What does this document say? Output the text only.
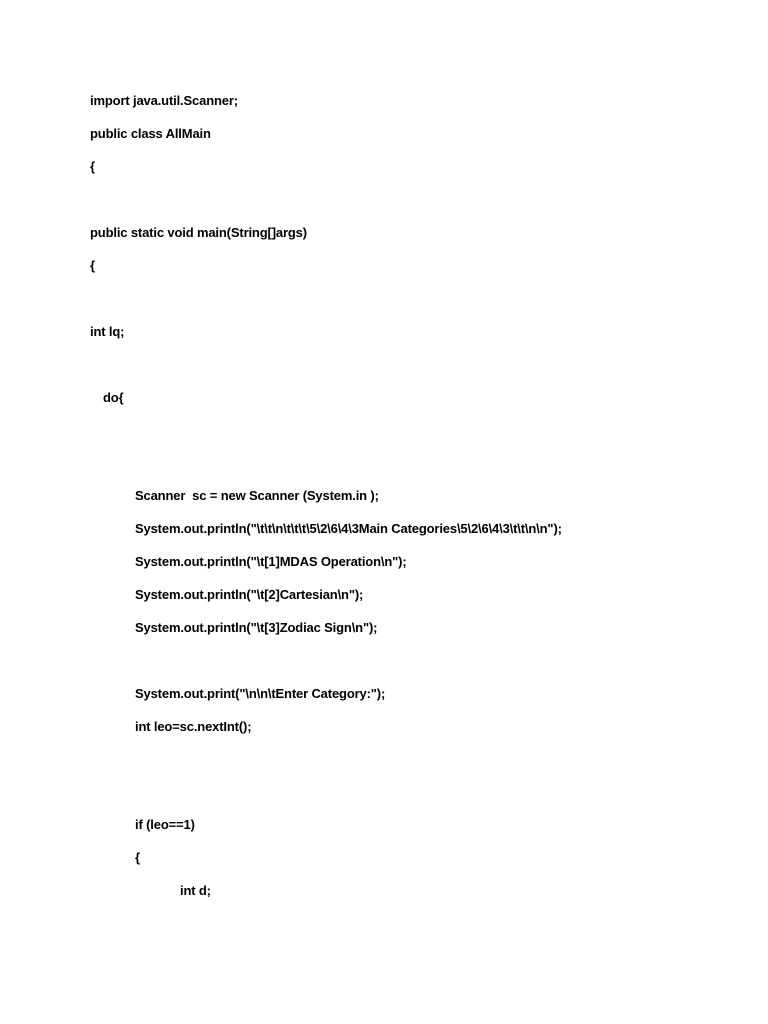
import java.util.Scanner;
public class AllMain
{
public static void main(String[]args)
{
int lq;
do{
Scanner  sc = new Scanner (System.in );
System.out.println("\t\t\n\t\t\t\5\2\6\4\3Main Categories\5\2\6\4\3\t\t\n\n");
System.out.println("\t[1]MDAS Operation\n");
System.out.println("\t[2]Cartesian\n");
System.out.println("\t[3]Zodiac Sign\n");
System.out.print("\n\n\tEnter Category:");
int leo=sc.nextInt();
if (leo==1)
{
int d;
